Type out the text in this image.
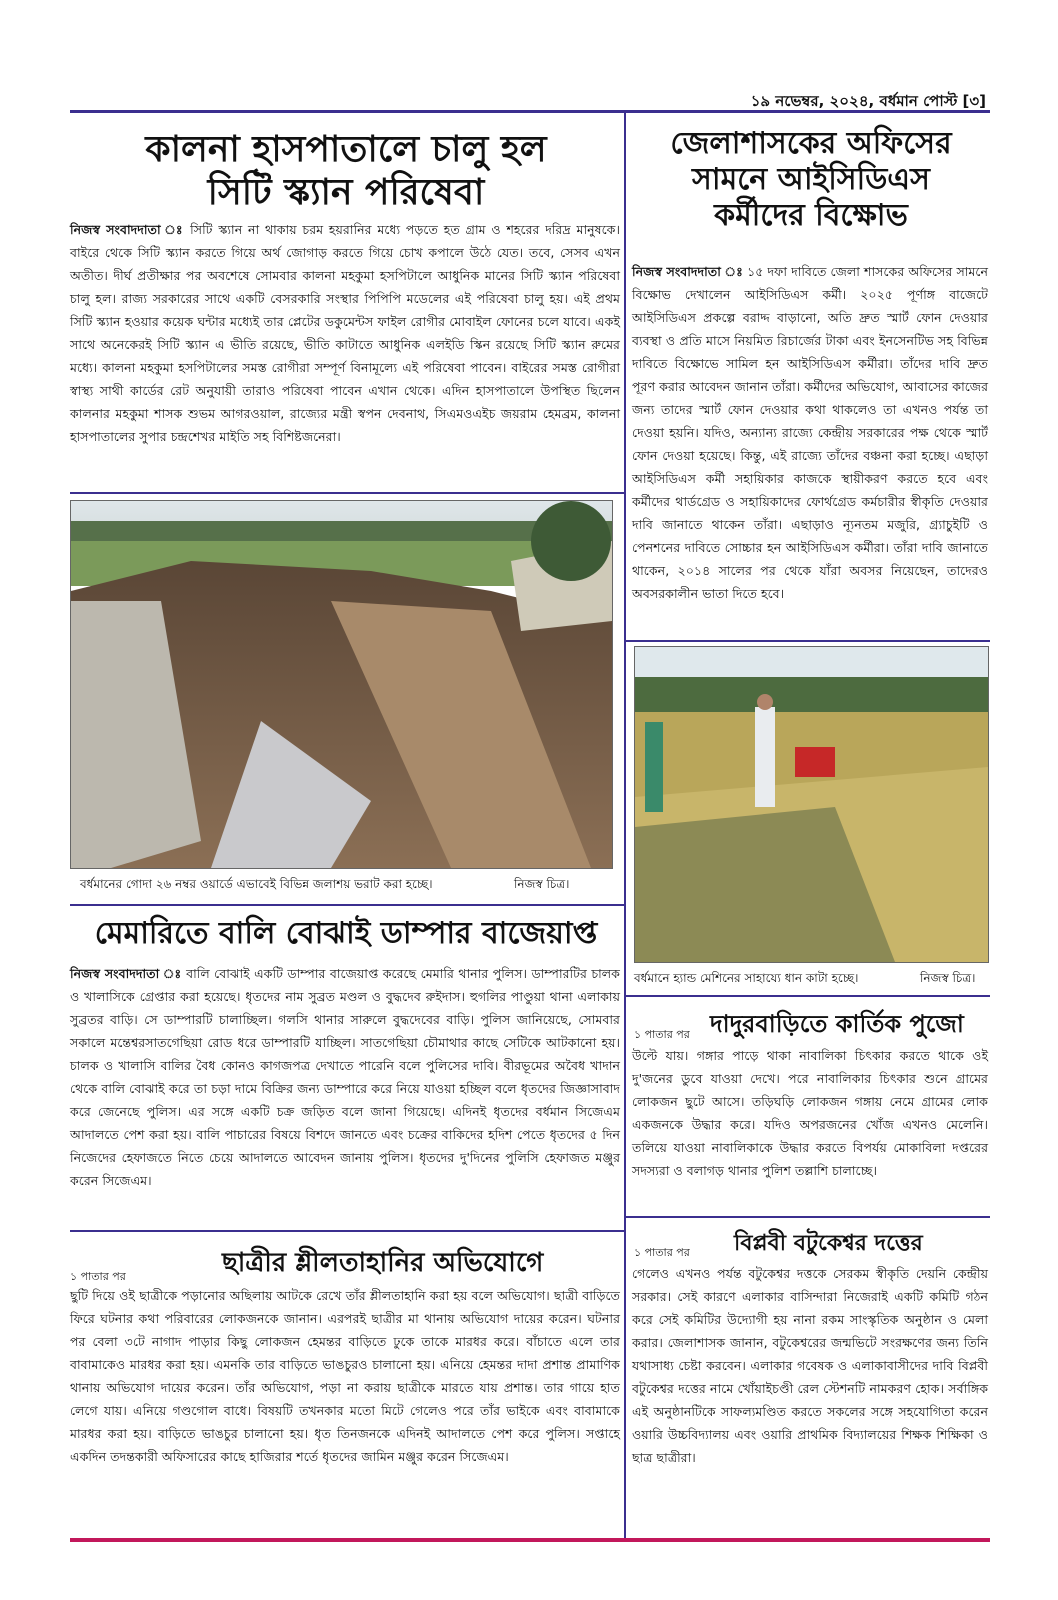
১৯ নভেম্বর, ২০২৪, বর্ধমান পোস্ট [৩]
কালনা হাসপাতালে চালু হল
সিটি স্ক্যান পরিষেবা
নিজস্ব সংবাদদাতা ঃ সিটি স্ক্যান না থাকায় চরম হয়রানির মধ্যে পড়তে হত গ্রাম ও শহরের দরিদ্র মানুষকে। বাইরে থেকে সিটি স্ক্যান করতে গিয়ে অর্থ জোগাড় করতে গিয়ে চোখ কপালে উঠে যেত। তবে, সেসব এখন অতীত। দীর্ঘ প্রতীক্ষার পর অবশেষে সোমবার কালনা মহকুমা হসপিটালে আধুনিক মানের সিটি স্ক্যান পরিষেবা চালু হল। রাজ্য সরকারের সাথে একটি বেসরকারি সংস্থার পিপিপি মডেলের এই পরিষেবা চালু হয়। এই প্রথম সিটি স্ক্যান হওয়ার কয়েক ঘন্টার মধ্যেই তার প্লেটের ডকুমেন্টস ফাইল রোগীর মোবাইল ফোনের চলে যাবে। একই সাথে অনেকেরই সিটি স্ক্যান এ ভীতি রয়েছে, ভীতি কাটাতে আধুনিক এলইডি স্কিন রয়েছে সিটি স্ক্যান রুমের মধ্যে। কালনা মহকুমা হসপিটালের সমস্ত রোগীরা সম্পূর্ণ বিনামূল্যে এই পরিষেবা পাবেন। বাইরের সমস্ত রোগীরা স্বাস্থ্য সাথী কার্ডের রেট অনুযায়ী তারাও পরিষেবা পাবেন এখান থেকে। এদিন হাসপাতালে উপস্থিত ছিলেন কালনার মহকুমা শাসক শুভম আগরওয়াল, রাজ্যের মন্ত্রী স্বপন দেবনাথ, সিএমওএইচ জয়রাম হেমব্রম, কালনা হাসপাতালের সুপার চন্দ্রশেখর মাইতি সহ বিশিষ্টজনেরা।
বর্ধমানের গোদা ২৬ নম্বর ওয়ার্ডে এভাবেই বিভিন্ন জলাশয় ভরাট করা হচ্ছে।	নিজস্ব চিত্র।
মেমারিতে বালি বোঝাই ডাম্পার বাজেয়াপ্ত
নিজস্ব সংবাদদাতা ঃ বালি বোঝাই একটি ডাম্পার বাজেয়াপ্ত করেছে মেমারি থানার পুলিস। ডাম্পারটির চালক ও খালাসিকে গ্রেপ্তার করা হয়েছে। ধৃতদের নাম সুব্রত মণ্ডল ও বুদ্ধদেব রুইদাস। হুগলির পাণ্ডুয়া থানা এলাকায় সুব্রতর বাড়ি। সে ডাম্পারটি চালাচ্ছিল। গলসি থানার সারুলে বুদ্ধদেবের বাড়ি। পুলিস জানিয়েছে, সোমবার সকালে মন্তেশ্বরসাতগেছিয়া রোড ধরে ডাম্পারটি যাচ্ছিল। সাতগেছিয়া চৌমাথার কাছে সেটিকে আটকানো হয়। চালক ও খালাসি বালির বৈধ কোনও কাগজপত্র দেখাতে পারেনি বলে পুলিসের দাবি। বীরভূমের অবৈধ খাদান থেকে বালি বোঝাই করে তা চড়া দামে বিক্রির জন্য ডাম্পারে করে নিয়ে যাওয়া হচ্ছিল বলে ধৃতদের জিজ্ঞাসাবাদ করে জেনেছে পুলিস। এর সঙ্গে একটি চক্র জড়িত বলে জানা গিয়েছে। এদিনই ধৃতদের বর্ধমান সিজেএম আদালতে পেশ করা হয়। বালি পাচারের বিষয়ে বিশদে জানতে এবং চক্রের বাকিদের হদিশ পেতে ধৃতদের ৫ দিন নিজেদের হেফাজতে নিতে চেয়ে আদালতে আবেদন জানায় পুলিস। ধৃতদের দু'দিনের পুলিসি হেফাজত মঞ্জুর করেন সিজেএম।
১ পাতার পর	ছাত্রীর শ্লীলতাহানির অভিযোগে
ছুটি দিয়ে ওই ছাত্রীকে পড়ানোর অছিলায় আটকে রেখে তাঁর শ্লীলতাহানি করা হয় বলে অভিযোগ। ছাত্রী বাড়িতে ফিরে ঘটনার কথা পরিবারের লোকজনকে জানান। এরপরই ছাত্রীর মা থানায় অভিযোগ দায়ের করেন। ঘটনার পর বেলা ৩টে নাগাদ পাড়ার কিছু লোকজন হেমন্তর বাড়িতে ঢুকে তাকে মারধর করে। বাঁচাতে এলে তার বাবামাকেও মারধর করা হয়। এমনকি তার বাড়িতে ভাঙচুরও চালানো হয়। এনিয়ে হেমন্তর দাদা প্রশান্ত প্রামাণিক থানায় অভিযোগ দায়ের করেন। তাঁর অভিযোগ, পড়া না করায় ছাত্রীকে মারতে যায় প্রশান্ত। তার গায়ে হাত লেগে যায়। এনিয়ে গণ্ডগোল বাধে। বিষয়টি তখনকার মতো মিটে গেলেও পরে তাঁর ভাইকে এবং বাবামাকে মারধর করা হয়। বাড়িতে ভাঙচুর চালানো হয়। ধৃত তিনজনকে এদিনই আদালতে পেশ করে পুলিস। সপ্তাহে একদিন তদন্তকারী অফিসারের কাছে হাজিরার শর্তে ধৃতদের জামিন মঞ্জুর করেন সিজেএম।
জেলাশাসকের অফিসের
সামনে আইসিডিএস
কর্মীদের বিক্ষোভ
নিজস্ব সংবাদদাতা ঃ ১৫ দফা দাবিতে জেলা শাসকের অফিসের সামনে বিক্ষোভ দেখালেন আইসিডিএস কর্মী। ২০২৫ পূর্ণাঙ্গ বাজেটে আইসিডিএস প্রকল্পে বরাদ্দ বাড়ানো, অতি দ্রুত স্মার্ট ফোন দেওয়ার ব্যবস্থা ও প্রতি মাসে নিয়মিত রিচার্জের টাকা এবং ইনসেনটিভ সহ বিভিন্ন দাবিতে বিক্ষোভে সামিল হন আইসিডিএস কর্মীরা। তাঁদের দাবি দ্রুত পূরণ করার আবেদন জানান তাঁরা। কর্মীদের অভিযোগ, আবাসের কাজের জন্য তাদের স্মার্ট ফোন দেওয়ার কথা থাকলেও তা এখনও পর্যন্ত তা দেওয়া হয়নি। যদিও, অন্যান্য রাজ্যে কেন্দ্রীয় সরকারের পক্ষ থেকে স্মার্ট ফোন দেওয়া হয়েছে। কিন্তু, এই রাজ্যে তাঁদের বঞ্চনা করা হচ্ছে। এছাড়া আইসিডিএস কর্মী সহায়িকার কাজকে স্থায়ীকরণ করতে হবে এবং কর্মীদের থার্ডগ্রেড ও সহায়িকাদের ফোর্থগ্রেড কর্মচারীর স্বীকৃতি দেওয়ার দাবি জানাতে থাকেন তাঁরা। এছাড়াও ন্যূনতম মজুরি, গ্র্যাচুইটি ও পেনশনের দাবিতে সোচ্চার হন আইসিডিএস কর্মীরা। তাঁরা দাবি জানাতে থাকেন, ২০১৪ সালের পর থেকে যাঁরা অবসর নিয়েছেন, তাদেরও অবসরকালীন ভাতা দিতে হবে।
বর্ধমানে হ্যান্ড মেশিনের সাহায্যে ধান কাটা হচ্ছে।	নিজস্ব চিত্র।
১ পাতার পর দাদুরবাড়িতে কার্তিক পুজো
উল্টে যায়। গঙ্গার পাড়ে থাকা নাবালিকা চিৎকার করতে থাকে ওই দু'জনের ডুবে যাওয়া দেখে। পরে নাবালিকার চিৎকার শুনে গ্রামের লোকজন ছুটে আসে। তড়িঘড়ি লোকজন গঙ্গায় নেমে গ্রামের লোক একজনকে উদ্ধার করে। যদিও অপরজনের খোঁজ এখনও মেলেনি। তলিয়ে যাওয়া নাবালিকাকে উদ্ধার করতে বিপর্যয় মোকাবিলা দপ্তরের সদস্যরা ও বলাগড় থানার পুলিশ তল্লাশি চালাচ্ছে।
১ পাতার পর বিপ্লবী বটুকেশ্বর দত্তের
গেলেও এখনও পর্যন্ত বটুকেশ্বর দত্তকে সেরকম স্বীকৃতি দেয়নি কেন্দ্রীয় সরকার। সেই কারণে এলাকার বাসিন্দারা নিজেরাই একটি কমিটি গঠন করে সেই কমিটির উদ্যোগী হয় নানা রকম সাংস্কৃতিক অনুষ্ঠান ও মেলা করার। জেলাশাসক জানান, বটুকেশ্বরের জন্মভিটে সংরক্ষণের জন্য তিনি যথাসাধ্য চেষ্টা করবেন। এলাকার গবেষক ও এলাকাবাসীদের দাবি বিপ্লবী বটুকেশ্বর দত্তের নামে খোঁয়াইচণ্ডী রেল স্টেশনটি নামকরণ হোক। সর্বাঙ্গিক এই অনুষ্ঠানটিকে সাফল্যমণ্ডিত করতে সকলের সঙ্গে সহযোগিতা করেন ওয়ারি উচ্চবিদ্যালয় এবং ওয়ারি প্রাথমিক বিদ্যালয়ের শিক্ষক শিক্ষিকা ও ছাত্র ছাত্রীরা।
